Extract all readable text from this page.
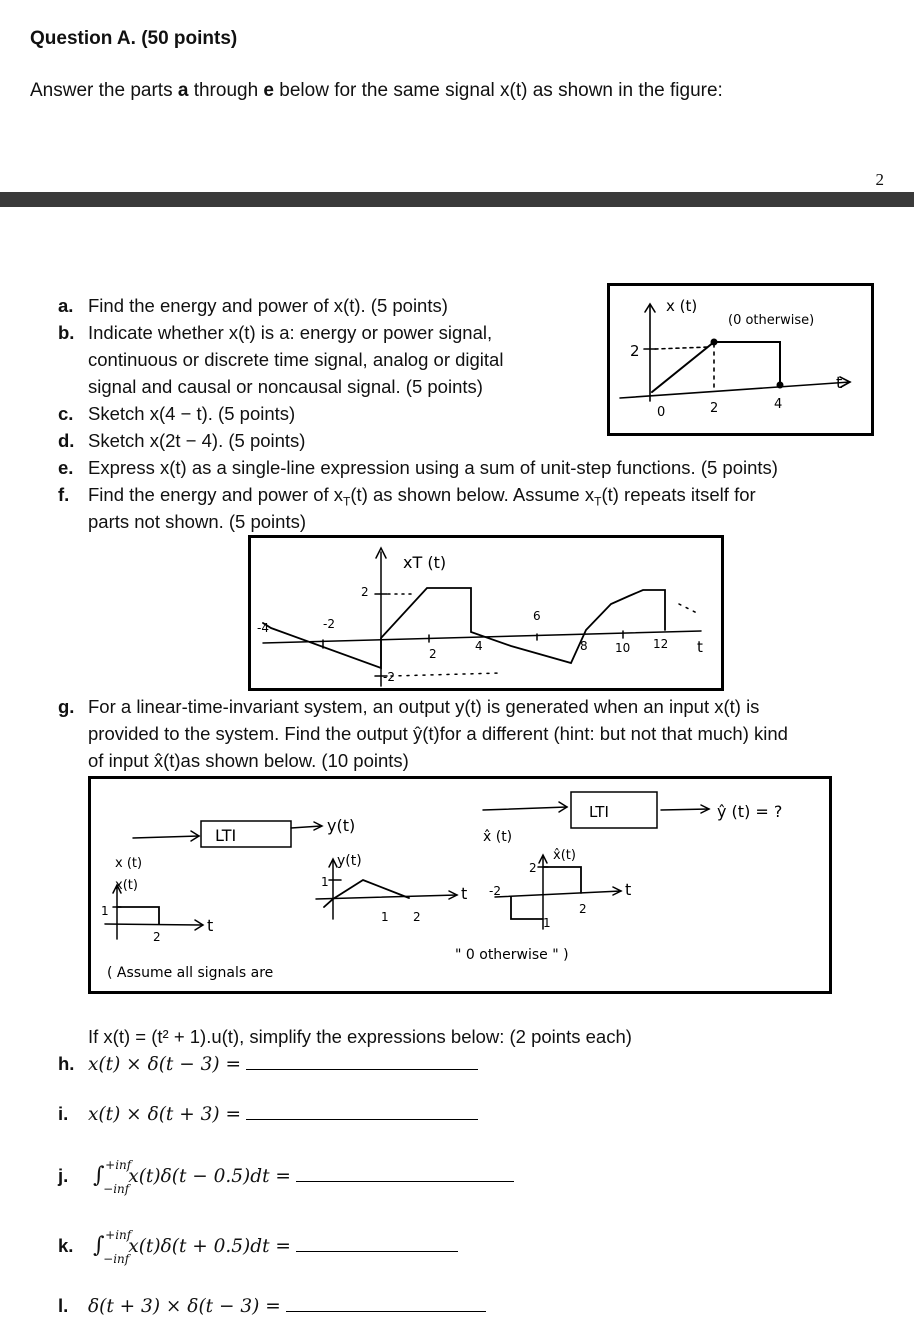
Question A. (50 points)
Answer the parts a through e below for the same signal x(t) as shown in the figure:
2
a. Find the energy and power of x(t). (5 points)
b. Indicate whether x(t) is a: energy or power signal,
continuous or discrete time signal, analog or digital
signal and causal or noncausal signal. (5 points)
c. Sketch x(4 − t). (5 points)
d. Sketch x(2t − 4). (5 points)
e. Express x(t) as a single-line expression using a sum of unit-step functions. (5 points)
f. Find the energy and power of $x_T(t)$ as shown below. Assume $x_T(t)$ repeats itself for
parts not shown. (5 points)
x (t)
(0 otherwise)
2
0	2	4
t
xT (t)
2
-2
-4	-2
6
2
4	8 10 12 t
g. For a linear-time-invariant system, an output y(t) is generated when an input x(t) is
provided to the system. Find the output ŷ(t)for a different (hint: but not that much) kind
of input x̂(t)as shown below. (10 points)
LTI
x (t)
x(t)
1
2
t
y(t)
y(t)
1
1 2
t
LTI
x̂ (t)
x̂(t)
2
-2
1
2
t
ŷ (t) = ?
( Assume all signals are
" 0 otherwise " )
If x(t) = (t² + 1).u(t), simplify the expressions below: (2 points each)
h. x(t) × δ(t − 3) =
i. x(t) × δ(t + 3) =
j. ∫ +inf
−inf
x(t)δ(t − 0.5)dt =
k. ∫ +inf
−inf
x(t)δ(t + 0.5)dt =
l. δ(t + 3) × δ(t − 3) =
